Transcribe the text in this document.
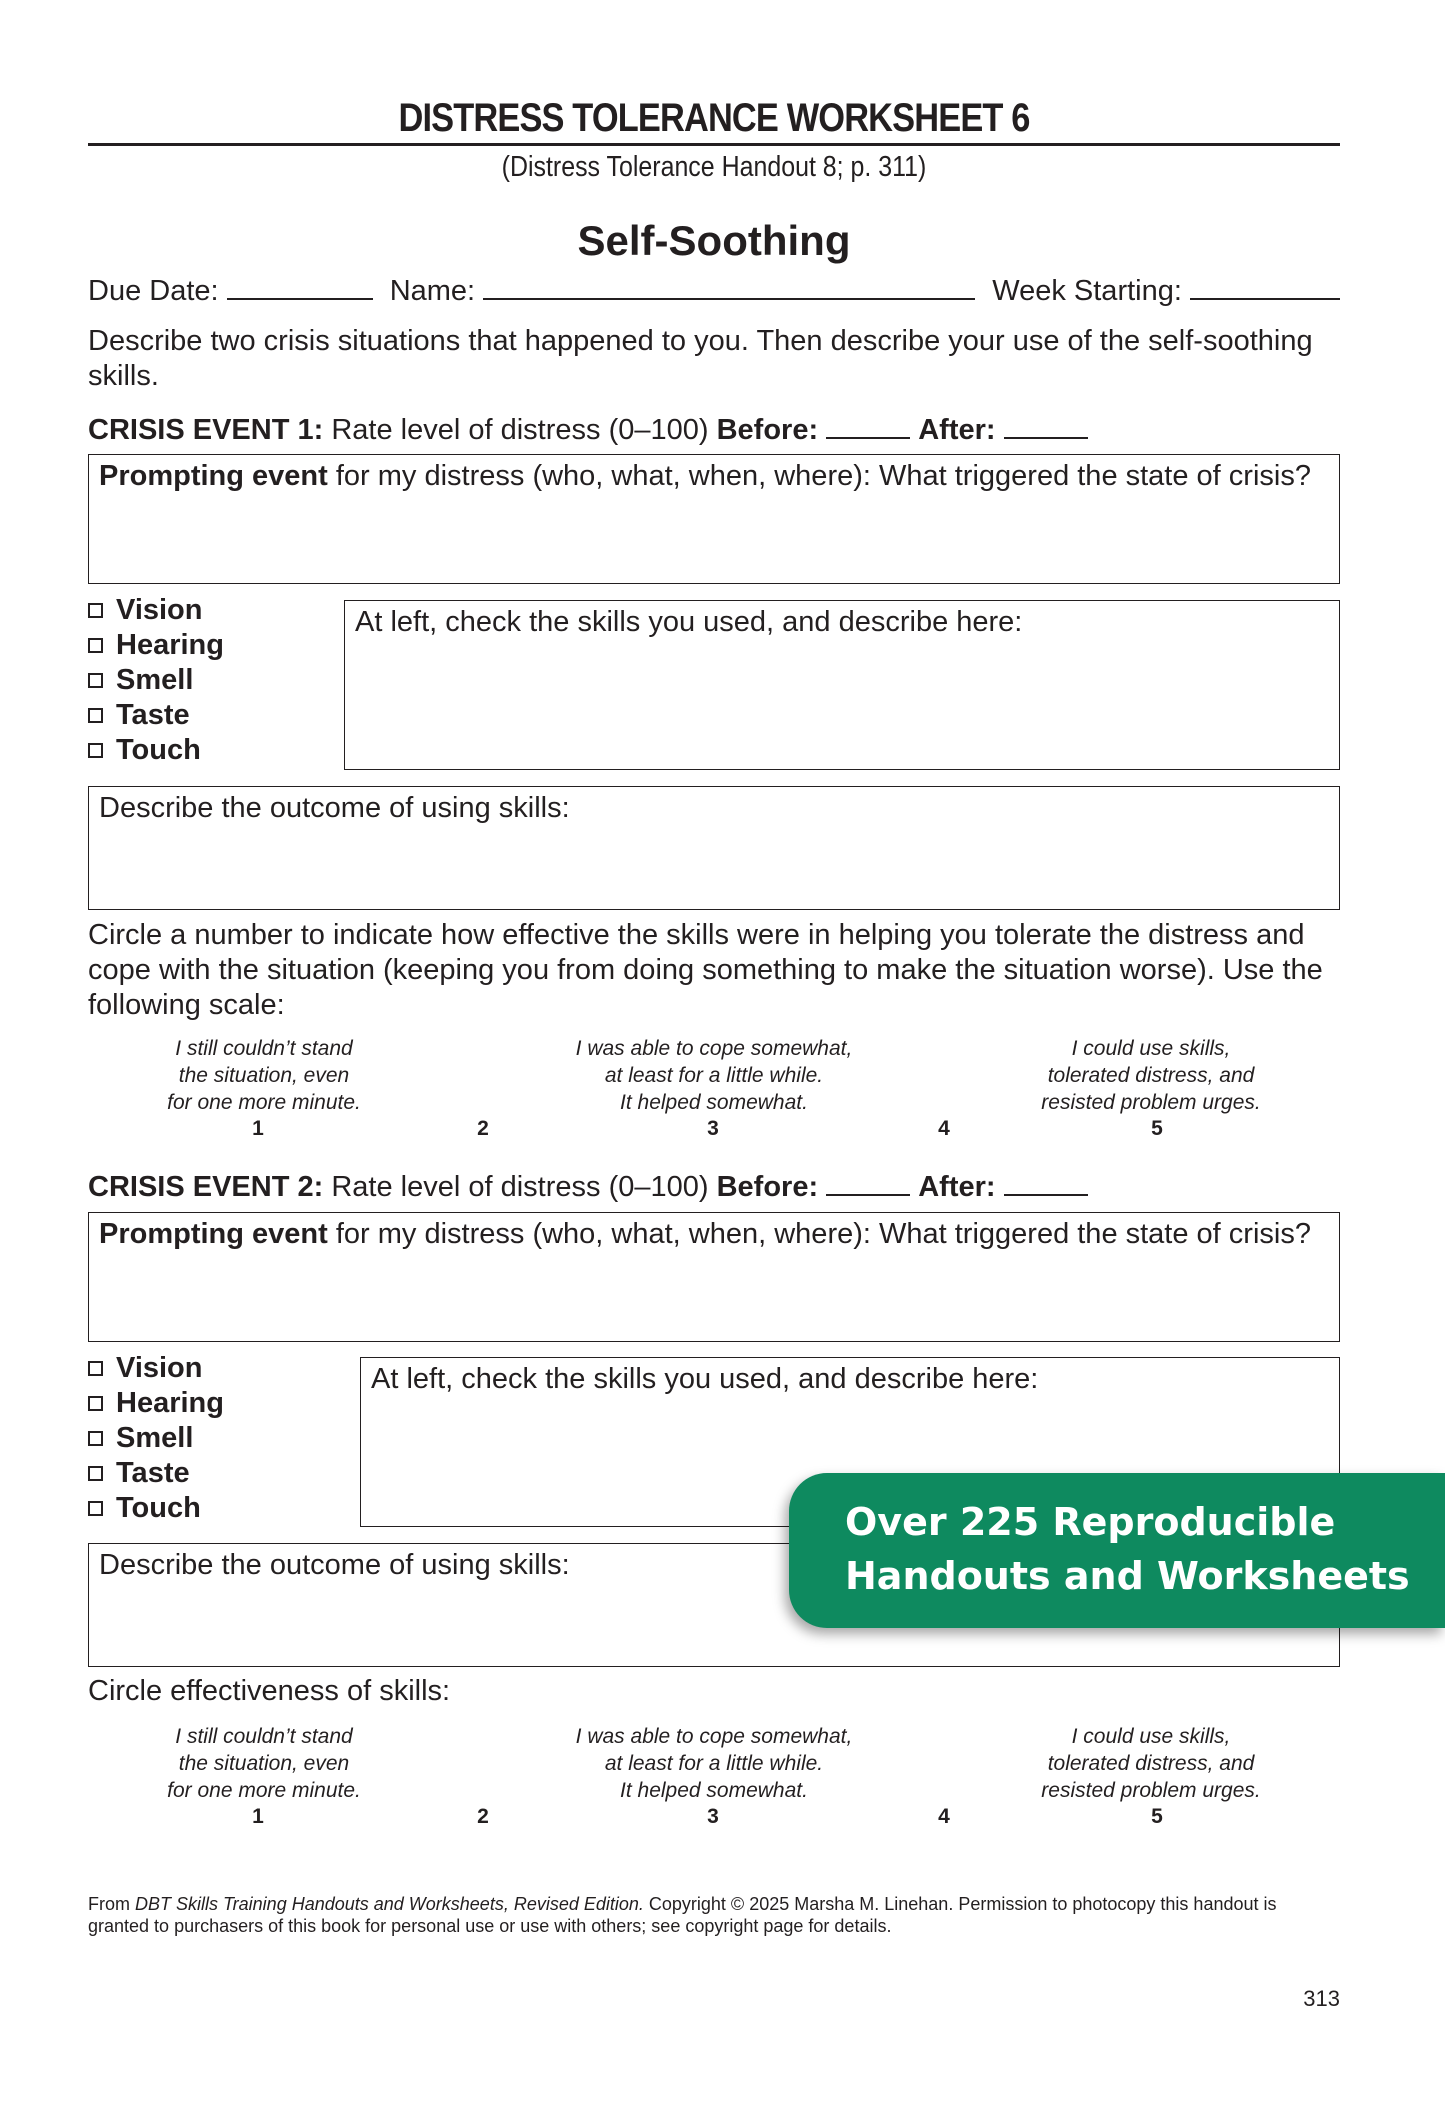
DISTRESS TOLERANCE WORKSHEET 6
(Distress Tolerance Handout 8; p. 311)
Self-Soothing
Due Date:	Name:	Week Starting:
Describe two crisis situations that happened to you. Then describe your use of the self-soothing skills.
CRISIS EVENT 1: Rate level of distress (0–100) Before:	After:
Prompting event for my distress (who, what, when, where): What triggered the state of crisis?
Vision
Hearing
Smell
Taste
Touch
At left, check the skills you used, and describe here:
Describe the outcome of using skills:
Circle a number to indicate how effective the skills were in helping you tolerate the distress and cope with the situation (keeping you from doing something to make the situation worse). Use the following scale:
I still couldn’t stand
the situation, even
for one more minute.
I was able to cope somewhat,
at least for a little while.
It helped somewhat.
I could use skills,
tolerated distress, and
resisted problem urges.
1	2	3	4	5
CRISIS EVENT 2: Rate level of distress (0–100) Before:	After:
Prompting event for my distress (who, what, when, where): What triggered the state of crisis?
Vision
Hearing
Smell
Taste
Touch
At left, check the skills you used, and describe here:
Describe the outcome of using skills:
Circle effectiveness of skills:
I still couldn’t stand
the situation, even
for one more minute.
I was able to cope somewhat,
at least for a little while.
It helped somewhat.
I could use skills,
tolerated distress, and
resisted problem urges.
1	2	3	4	5
From DBT Skills Training Handouts and Worksheets, Revised Edition. Copyright © 2025 Marsha M. Linehan. Permission to photocopy this handout is granted to purchasers of this book for personal use or use with others; see copyright page for details.
313
Over 225 Reproducible
Handouts and Worksheets
